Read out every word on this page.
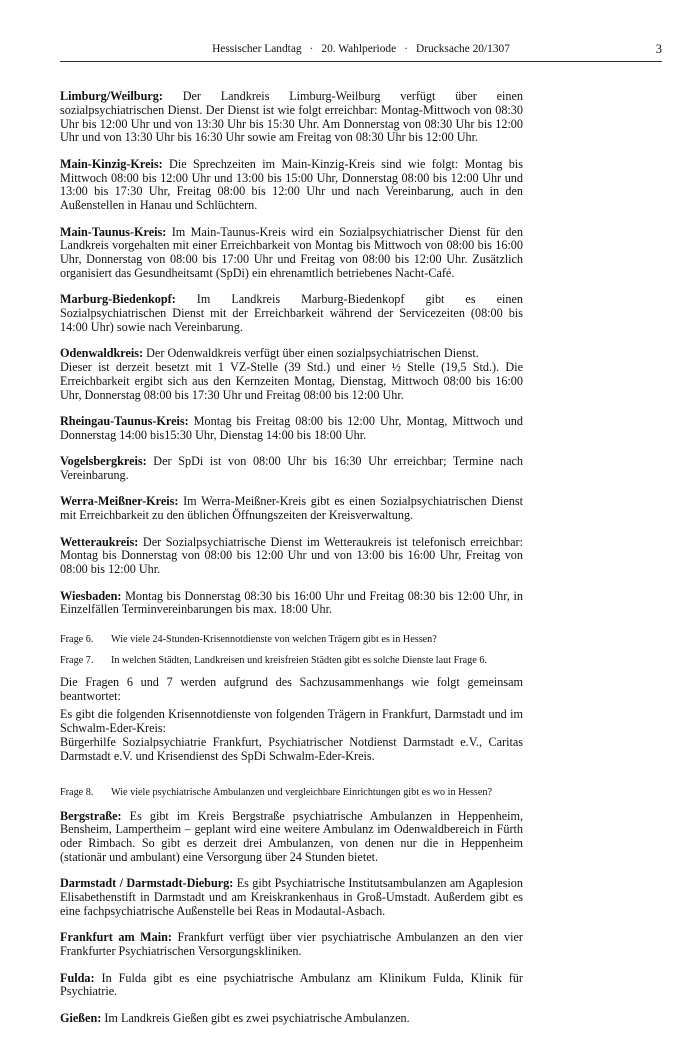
Hessischer Landtag · 20. Wahlperiode · Drucksache 20/1307	3

Limburg/Weilburg: Der Landkreis Limburg-Weilburg verfügt über einen sozialpsychiatrischen Dienst. Der Dienst ist wie folgt erreichbar: Montag-Mittwoch von 08:30 Uhr bis 12:00 Uhr und von 13:30 Uhr bis 15:30 Uhr. Am Donnerstag von 08:30 Uhr bis 12:00 Uhr und von 13:30 Uhr bis 16:30 Uhr sowie am Freitag von 08:30 Uhr bis 12:00 Uhr.

Main-Kinzig-Kreis: Die Sprechzeiten im Main-Kinzig-Kreis sind wie folgt: Montag bis Mittwoch 08:00 bis 12:00 Uhr und 13:00 bis 15:00 Uhr, Donnerstag 08:00 bis 12:00 Uhr und 13:00 bis 17:30 Uhr, Freitag 08:00 bis 12:00 Uhr und nach Vereinbarung, auch in den Außenstellen in Hanau und Schlüchtern.

Main-Taunus-Kreis: Im Main-Taunus-Kreis wird ein Sozialpsychiatrischer Dienst für den Landkreis vorgehalten mit einer Erreichbarkeit von Montag bis Mittwoch von 08:00 bis 16:00 Uhr, Donnerstag von 08:00 bis 17:00 Uhr und Freitag von 08:00 bis 12:00 Uhr. Zusätzlich organisiert das Gesundheitsamt (SpDi) ein ehrenamtlich betriebenes Nacht-Café.

Marburg-Biedenkopf: Im Landkreis Marburg-Biedenkopf gibt es einen Sozialpsychiatrischen Dienst mit der Erreichbarkeit während der Servicezeiten (08:00 bis 14:00 Uhr) sowie nach Vereinbarung.

Odenwaldkreis: Der Odenwaldkreis verfügt über einen sozialpsychiatrischen Dienst.
Dieser ist derzeit besetzt mit 1 VZ-Stelle (39 Std.) und einer ½ Stelle (19,5 Std.). Die Erreichbarkeit ergibt sich aus den Kernzeiten Montag, Dienstag, Mittwoch 08:00 bis 16:00 Uhr, Donnerstag 08:00 bis 17:30 Uhr und Freitag 08:00 bis 12:00 Uhr.

Rheingau-Taunus-Kreis: Montag bis Freitag 08:00 bis 12:00 Uhr, Montag, Mittwoch und Donnerstag 14:00 bis15:30 Uhr, Dienstag 14:00 bis 18:00 Uhr.

Vogelsbergkreis: Der SpDi ist von 08:00 Uhr bis 16:30 Uhr erreichbar; Termine nach Vereinbarung.

Werra-Meißner-Kreis: Im Werra-Meißner-Kreis gibt es einen Sozialpsychiatrischen Dienst mit Erreichbarkeit zu den üblichen Öffnungszeiten der Kreisverwaltung.

Wetteraukreis: Der Sozialpsychiatrische Dienst im Wetteraukreis ist telefonisch erreichbar: Montag bis Donnerstag von 08:00 bis 12:00 Uhr und von 13:00 bis 16:00 Uhr, Freitag von 08:00 bis 12:00 Uhr.

Wiesbaden: Montag bis Donnerstag 08:30 bis 16:00 Uhr und Freitag 08:30 bis 12:00 Uhr, in Einzelfällen Terminvereinbarungen bis max. 18:00 Uhr.

Frage 6. Wie viele 24-Stunden-Krisennotdienste von welchen Trägern gibt es in Hessen?

Frage 7. In welchen Städten, Landkreisen und kreisfreien Städten gibt es solche Dienste laut Frage 6.

Die Fragen 6 und 7 werden aufgrund des Sachzusammenhangs wie folgt gemeinsam beantwortet:

Es gibt die folgenden Krisennotdienste von folgenden Trägern in Frankfurt, Darmstadt und im Schwalm-Eder-Kreis:

Bürgerhilfe Sozialpsychiatrie Frankfurt, Psychiatrischer Notdienst Darmstadt e.V., Caritas Darmstadt e.V. und Krisendienst des SpDi Schwalm-Eder-Kreis.

Frage 8. Wie viele psychiatrische Ambulanzen und vergleichbare Einrichtungen gibt es wo in Hessen?

Bergstraße: Es gibt im Kreis Bergstraße psychiatrische Ambulanzen in Heppenheim, Bensheim, Lampertheim – geplant wird eine weitere Ambulanz im Odenwaldbereich in Fürth oder Rimbach. So gibt es derzeit drei Ambulanzen, von denen nur die in Heppenheim (stationär und ambulant) eine Versorgung über 24 Stunden bietet.

Darmstadt / Darmstadt-Dieburg: Es gibt Psychiatrische Institutsambulanzen am Agaplesion Elisabethenstift in Darmstadt und am Kreiskrankenhaus in Groß-Umstadt. Außerdem gibt es eine fachpsychiatrische Außenstelle bei Reas in Modautal-Asbach.

Frankfurt am Main: Frankfurt verfügt über vier psychiatrische Ambulanzen an den vier Frankfurter Psychiatrischen Versorgungskliniken.

Fulda: In Fulda gibt es eine psychiatrische Ambulanz am Klinikum Fulda, Klinik für Psychiatrie.

Gießen: Im Landkreis Gießen gibt es zwei psychiatrische Ambulanzen.
